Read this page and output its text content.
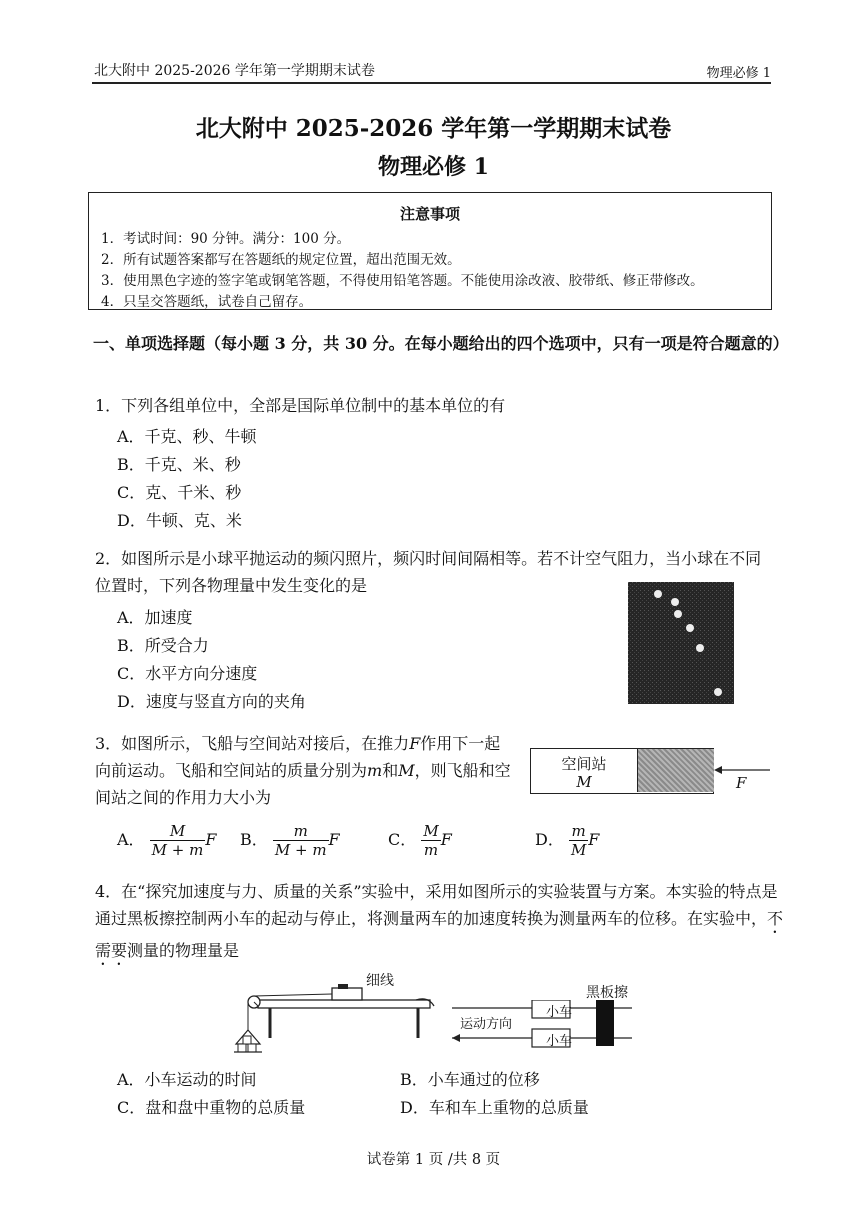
北大附中 2025-2026 学年第一学期期末试卷	物理必修 1
北大附中 2025-2026 学年第一学期期末试卷
物理必修 1
注意事项
1．考试时间：90 分钟。满分：100 分。
2．所有试题答案都写在答题纸的规定位置，超出范围无效。
3．使用黑色字迹的签字笔或钢笔答题，不得使用铅笔答题。不能使用涂改液、胶带纸、修正带修改。
4．只呈交答题纸，试卷自己留存。
一、单项选择题（每小题 3 分，共 30 分。在每小题给出的四个选项中，只有一项是符合题意的）
1．下列各组单位中，全部是国际单位制中的基本单位的有
A．千克、秒、牛顿
B．千克、米、秒
C．克、千米、秒
D．牛顿、克、米
2．如图所示是小球平抛运动的频闪照片，频闪时间间隔相等。若不计空气阻力，当小球在不同位置时，下列各物理量中发生变化的是
A．加速度
B．所受合力
C．水平方向分速度
D．速度与竖直方向的夹角
3．如图所示，飞船与空间站对接后，在推力F作用下一起向前运动。飞船和空间站的质量分别为m和M，则飞船和空间站之间的作用力大小为
空间站
M	F
A． $\frac{M}{M + m}$ F B． $\frac{m}{M + m}$ F	C． $\frac{M}{m}$ F	D． $\frac{m}{M}$ F
4．在“探究加速度与力、质量的关系”实验中，采用如图所示的实验装置与方案。本实验的特点是通过黑板擦控制两小车的起动与停止，将测量两车的加速度转换为测量两车的位移。在实验中，不需要测量的物理量是
细线
小车
小车
黑板擦
运动方向
A．小车运动的时间	B．小车通过的位移
C．盘和盘中重物的总质量	D．车和车上重物的总质量
试卷第 1 页 /共 8 页
